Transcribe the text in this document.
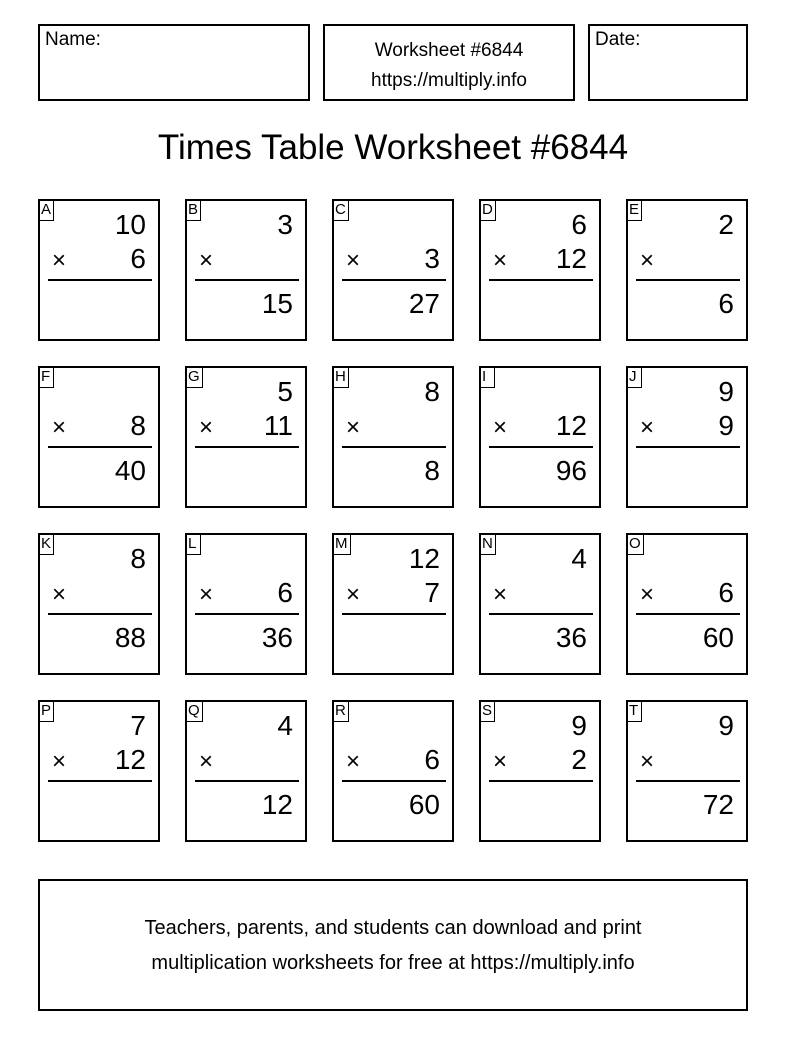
Name:
Worksheet #6844
https://multiply.info
Date:
Times Table Worksheet #6844
A 10
× 6
B	3
×
15
C
× 3
27
D	6
× 12
E	2
×
6
F
× 8
40
G	5
× 11
H	8
×
8
I
× 12
96
J	9
× 9
K	8
×
88
L
× 6
36
M 12
× 7
N	4
×
36
O
× 6
60
P	7
× 12
Q	4
×
12
R
× 6
60
S	9
× 2
T	9
×
72
Teachers, parents, and students can download and print
multiplication worksheets for free at https://multiply.info
